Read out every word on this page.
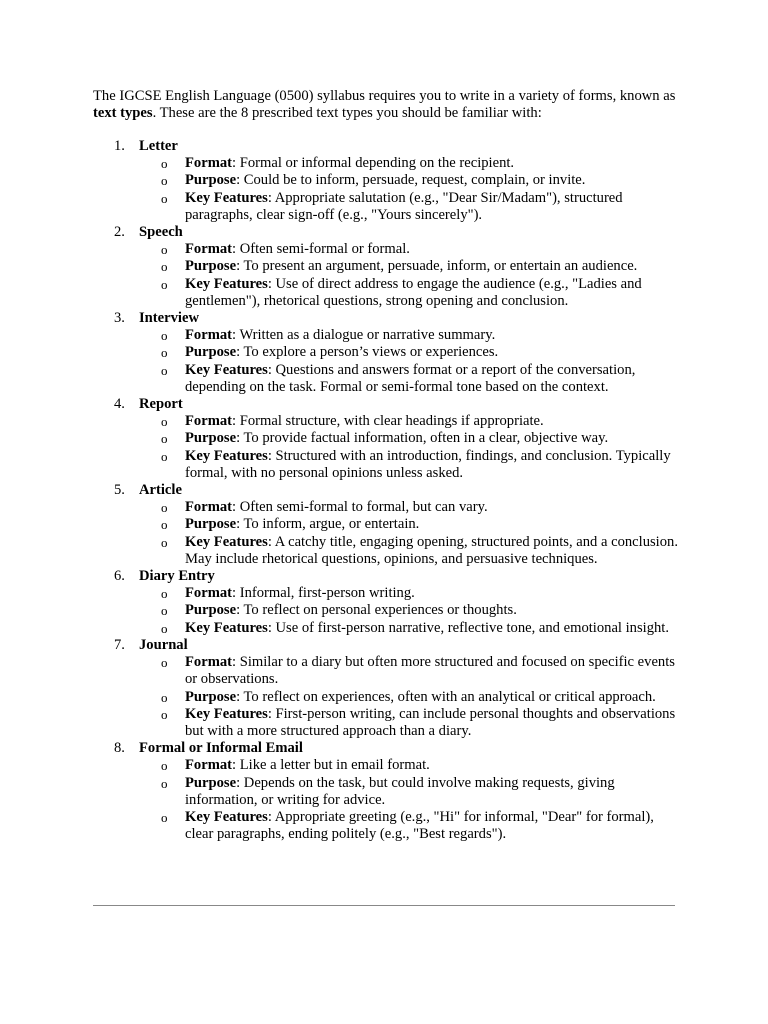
The IGCSE English Language (0500) syllabus requires you to write in a variety of forms, known as text types. These are the 8 prescribed text types you should be familiar with:

1. Letter
o Format: Formal or informal depending on the recipient.
o Purpose: Could be to inform, persuade, request, complain, or invite.
o Key Features: Appropriate salutation (e.g., "Dear Sir/Madam"), structured paragraphs, clear sign-off (e.g., "Yours sincerely").
2. Speech
o Format: Often semi-formal or formal.
o Purpose: To present an argument, persuade, inform, or entertain an audience.
o Key Features: Use of direct address to engage the audience (e.g., "Ladies and gentlemen"), rhetorical questions, strong opening and conclusion.
3. Interview
o Format: Written as a dialogue or narrative summary.
o Purpose: To explore a person’s views or experiences.
o Key Features: Questions and answers format or a report of the conversation, depending on the task. Formal or semi-formal tone based on the context.
4. Report
o Format: Formal structure, with clear headings if appropriate.
o Purpose: To provide factual information, often in a clear, objective way.
o Key Features: Structured with an introduction, findings, and conclusion. Typically formal, with no personal opinions unless asked.
5. Article
o Format: Often semi-formal to formal, but can vary.
o Purpose: To inform, argue, or entertain.
o Key Features: A catchy title, engaging opening, structured points, and a conclusion. May include rhetorical questions, opinions, and persuasive techniques.
6. Diary Entry
o Format: Informal, first-person writing.
o Purpose: To reflect on personal experiences or thoughts.
o Key Features: Use of first-person narrative, reflective tone, and emotional insight.
7. Journal
o Format: Similar to a diary but often more structured and focused on specific events or observations.
o Purpose: To reflect on experiences, often with an analytical or critical approach.
o Key Features: First-person writing, can include personal thoughts and observations but with a more structured approach than a diary.
8. Formal or Informal Email
o Format: Like a letter but in email format.
o Purpose: Depends on the task, but could involve making requests, giving information, or writing for advice.
o Key Features: Appropriate greeting (e.g., "Hi" for informal, "Dear" for formal), clear paragraphs, ending politely (e.g., "Best regards").
